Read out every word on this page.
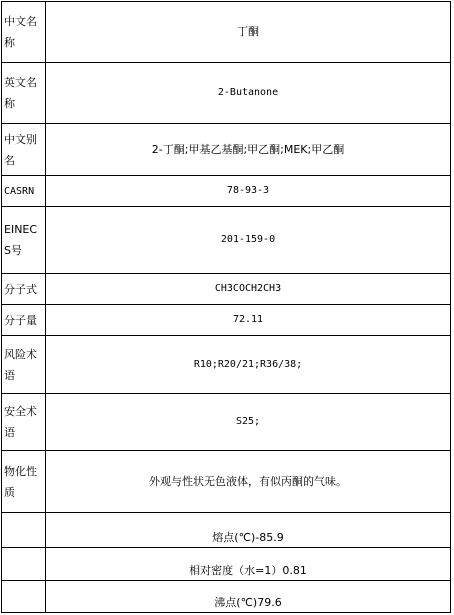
中文名称	丁酮
英文名称	2-Butanone
中文别名	2-丁酮;甲基乙基酮;甲乙酮;MEK;甲乙酮
CASRN	78-93-3
EINECS号	201-159-0
分子式	CH3COCH2CH3
分子量	72.11
风险术语	R10;R20/21;R36/38;
安全术语	S25;
物化性质	外观与性状无色液体，有似丙酮的气味。
	熔点(℃)-85.9
	相对密度（水=1）0.81
	沸点(℃)79.6
